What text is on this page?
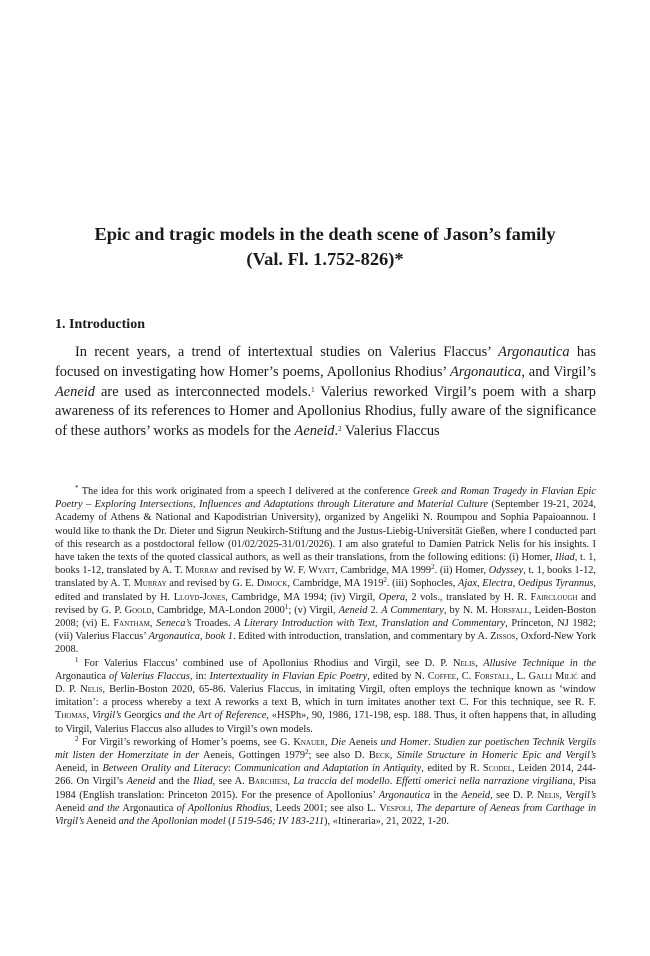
Epic and tragic models in the death scene of Jason’s family
(Val. Fl. 1.752-826)*
1. Introduction

In recent years, a trend of intertextual studies on Valerius Flaccus’ Argonautica has focused on investigating how Homer’s poems, Apollonius Rhodius’ Argonautica, and Virgil’s Aeneid are used as interconnected models.$^1$ Valerius reworked Virgil’s poem with a sharp awareness of its references to Homer and Apollonius Rhodius, fully aware of the significance of these authors’ works as models for the Aeneid.$^2$ Valerius Flaccus

* The idea for this work originated from a speech I delivered at the conference Greek and Roman Tragedy in Flavian Epic Poetry – Exploring Intersections, Influences and Adaptations through Literature and Material Culture (September 19-21, 2024, Academy of Athens & National and Kapodistrian University), organized by Angeliki N. Roumpou and Sophia Papaioannou. I would like to thank the Dr. Dieter und Sigrun Neukirch-Stiftung and the Justus-Liebig-Universität Gießen, where I conducted part of this research as a postdoctoral fellow (01/02/2025-31/01/2026). I am also grateful to Damien Patrick Nelis for his insights. I have taken the texts of the quoted classical authors, as well as their translations, from the following editions: (i) Homer, Iliad, t. 1, books 1-12, translated by A. T. Murray and revised by W. F. Wyatt, Cambridge, MA 1999$^2$. (ii) Homer, Odyssey, t. 1, books 1-12, translated by A. T. Murray and revised by G. E. Dimock, Cambridge, MA 1919$^2$. (iii) Sophocles, Ajax, Electra, Oedipus Tyrannus, edited and translated by H. Lloyd-Jones, Cambridge, MA 1994; (iv) Virgil, Opera, 2 vols., translated by H. R. Fairclough and revised by G. P. Goold, Cambridge, MA-London 2000$^1$; (v) Virgil, Aeneid 2. A Commentary, by N. M. Horsfall, Leiden-Boston 2008; (vi) E. Fantham, Seneca’s Troades. A Literary Introduction with Text, Translation and Commentary, Princeton, NJ 1982; (vii) Valerius Flaccus’ Argonautica, book 1. Edited with introduction, translation, and commentary by A. Zissos, Oxford-New York 2008.

$^1$ For Valerius Flaccus’ combined use of Apollonius Rhodius and Virgil, see D. P. Nelis, Allusive Technique in the Argonautica of Valerius Flaccus, in: Intertextuality in Flavian Epic Poetry, edited by N. Coffee, C. Forstall, L. Galli Milić and D. P. Nelis, Berlin-Boston 2020, 65-86. Valerius Flaccus, in imitating Virgil, often employs the technique known as ‘window imitation’: a process whereby a text A reworks a text B, which in turn imitates another text C. For this technique, see R. F. Thomas, Virgil’s Georgics and the Art of Reference, «HSPh», 90, 1986, 171-198, esp. 188. Thus, it often happens that, in alluding to Virgil, Valerius Flaccus also alludes to Virgil’s own models.

$^2$ For Virgil’s reworking of Homer’s poems, see G. Knauer, Die Aeneis und Homer. Studien zur poetischen Technik Vergils mit listen der Homerzitate in der Aeneis, Gottingen 1979$^2$; see also D. Beck, Simile Structure in Homeric Epic and Vergil’s Aeneid, in Between Orality and Literacy: Communication and Adaptation in Antiquity, edited by R. Scodel, Leiden 2014, 244-266. On Virgil’s Aeneid and the Iliad, see A. Barchiesi, La traccia del modello. Effetti omerici nella narrazione virgiliana, Pisa 1984 (English translation: Princeton 2015). For the presence of Apollonius’ Argonautica in the Aeneid, see D. P. Nelis, Vergil’s Aeneid and the Argonautica of Apollonius Rhodius, Leeds 2001; see also L. Vespoli, The departure of Aeneas from Carthage in Virgil’s Aeneid and the Apollonian model (I 519-546; IV 183-211), «Itineraria», 21, 2022, 1-20.
